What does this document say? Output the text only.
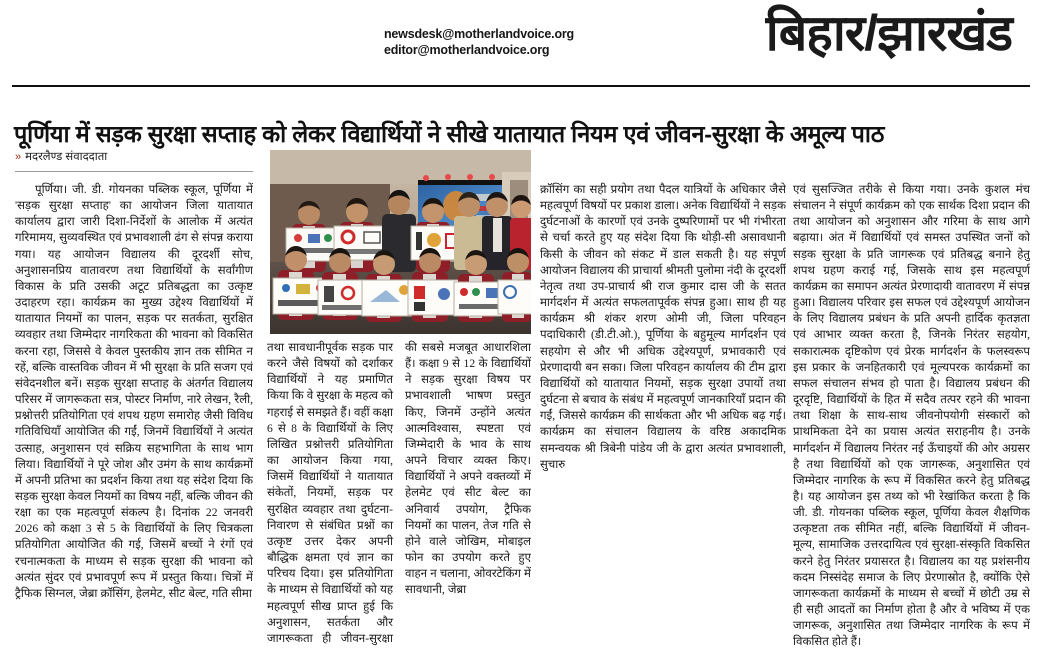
newsdesk@motherlandvoice.org
editor@motherlandvoice.org	बिहार/झारखंड
पूर्णिया में सड़क सुरक्षा सप्ताह को लेकर विद्यार्थियों ने सीखे यातायात नियम एवं जीवन-सुरक्षा के अमूल्य पाठ
» मदरलैण्ड संवाददाता

पूर्णिया। जी. डी. गोयनका पब्लिक स्कूल, पूर्णिया में 'सड़क सुरक्षा सप्ताह' का आयोजन जिला यातायात कार्यालय द्वारा जारी दिशा-निर्देशों के आलोक में अत्यंत गरिमामय, सुव्यवस्थित एवं प्रभावशाली ढंग से संपन्न कराया गया। यह आयोजन विद्यालय की दूरदर्शी सोच, अनुशासनप्रिय वातावरण तथा विद्यार्थियों के सर्वांगीण विकास के प्रति उसकी अटूट प्रतिबद्धता का उत्कृष्ट उदाहरण रहा। कार्यक्रम का मुख्य उद्देश्य विद्यार्थियों में यातायात नियमों का पालन, सड़क पर सतर्कता, सुरक्षित व्यवहार तथा जिम्मेदार नागरिकता की भावना को विकसित करना रहा, जिससे वे केवल पुस्तकीय ज्ञान तक सीमित न रहें, बल्कि वास्तविक जीवन में भी सुरक्षा के प्रति सजग एवं संवेदनशील बनें। सड़क सुरक्षा सप्ताह के अंतर्गत विद्यालय परिसर में जागरूकता सत्र, पोस्टर निर्माण, नारे लेखन, रैली, प्रश्नोत्तरी प्रतियोगिता एवं शपथ ग्रहण समारोह जैसी विविध गतिविधियाँ आयोजित की गईं, जिनमें विद्यार्थियों ने अत्यंत उत्साह, अनुशासन एवं सक्रिय सहभागिता के साथ भाग लिया। विद्यार्थियों ने पूरे जोश और उमंग के साथ कार्यक्रमों में अपनी प्रतिभा का प्रदर्शन किया तथा यह संदेश दिया कि सड़क सुरक्षा केवल नियमों का विषय नहीं, बल्कि जीवन की रक्षा का एक महत्वपूर्ण संकल्प है। दिनांक 22 जनवरी 2026 को कक्षा 3 से 5 के विद्यार्थियों के लिए चित्रकला प्रतियोगिता आयोजित की गई, जिसमें बच्चों ने रंगों एवं रचनात्मकता के माध्यम से सड़क सुरक्षा की भावना को अत्यंत सुंदर एवं प्रभावपूर्ण रूप में प्रस्तुत किया। चित्रों में ट्रैफिक सिग्नल, जेब्रा क्रॉसिंग, हेलमेट, सीट बेल्ट, गति सीमा

तथा सावधानीपूर्वक सड़क पार करने जैसे विषयों को दर्शाकर विद्यार्थियों ने यह प्रमाणित किया कि वे सुरक्षा के महत्व को गहराई से समझते हैं। वहीं कक्षा 6 से 8 के विद्यार्थियों के लिए लिखित प्रश्नोत्तरी प्रतियोगिता का आयोजन किया गया, जिसमें विद्यार्थियों ने यातायात संकेतों, नियमों, सड़क पर सुरक्षित व्यवहार तथा दुर्घटना-निवारण से संबंधित प्रश्नों का उत्कृष्ट उत्तर देकर अपनी बौद्धिक क्षमता एवं ज्ञान का परिचय दिया। इस प्रतियोगिता के माध्यम से विद्यार्थियों को यह महत्वपूर्ण सीख प्राप्त हुई कि अनुशासन, सतर्कता और जागरूकता ही जीवन-सुरक्षा की सबसे मजबूत आधारशिला हैं। कक्षा 9 से 12 के विद्यार्थियों ने सड़क सुरक्षा विषय पर प्रभावशाली भाषण प्रस्तुत किए, जिनमें उन्होंने अत्यंत आत्मविश्वास, स्पष्टता एवं जिम्मेदारी के भाव के साथ अपने विचार व्यक्त किए। विद्यार्थियों ने अपने वक्तव्यों में हेलमेट एवं सीट बेल्ट का अनिवार्य उपयोग, ट्रैफिक नियमों का पालन, तेज गति से होने वाले जोखिम, मोबाइल फोन का उपयोग करते हुए वाहन न चलाना, ओवरटेकिंग में सावधानी, जेब्रा

क्रॉसिंग का सही प्रयोग तथा पैदल यात्रियों के अधिकार जैसे महत्वपूर्ण विषयों पर प्रकाश डाला। अनेक विद्यार्थियों ने सड़क दुर्घटनाओं के कारणों एवं उनके दुष्परिणामों पर भी गंभीरता से चर्चा करते हुए यह संदेश दिया कि थोड़ी-सी असावधानी किसी के जीवन को संकट में डाल सकती है। यह संपूर्ण आयोजन विद्यालय की प्राचार्या श्रीमती पुलोमा नंदी के दूरदर्शी नेतृत्व तथा उप-प्राचार्य श्री राज कुमार दास जी के सतत मार्गदर्शन में अत्यंत सफलतापूर्वक संपन्न हुआ। साथ ही यह कार्यक्रम श्री शंकर शरण ओमी जी, जिला परिवहन पदाधिकारी (डी.टी.ओ.), पूर्णिया के बहुमूल्य मार्गदर्शन एवं सहयोग से और भी अधिक उद्देश्यपूर्ण, प्रभावकारी एवं प्रेरणादायी बन सका। जिला परिवहन कार्यालय की टीम द्वारा विद्यार्थियों को यातायात नियमों, सड़क सुरक्षा उपायों तथा दुर्घटना से बचाव के संबंध में महत्वपूर्ण जानकारियाँ प्रदान की गईं, जिससे कार्यक्रम की सार्थकता और भी अधिक बढ़ गई। कार्यक्रम का संचालन विद्यालय के वरिष्ठ अकादमिक समन्वयक श्री त्रिबेनी पांडेय जी के द्वारा अत्यंत प्रभावशाली, सुचारु

एवं सुसज्जित तरीके से किया गया। उनके कुशल मंच संचालन ने संपूर्ण कार्यक्रम को एक सार्थक दिशा प्रदान की तथा आयोजन को अनुशासन और गरिमा के साथ आगे बढ़ाया। अंत में विद्यार्थियों एवं समस्त उपस्थित जनों को सड़क सुरक्षा के प्रति जागरूक एवं प्रतिबद्ध बनाने हेतु शपथ ग्रहण कराई गई, जिसके साथ इस महत्वपूर्ण कार्यक्रम का समापन अत्यंत प्रेरणादायी वातावरण में संपन्न हुआ। विद्यालय परिवार इस सफल एवं उद्देश्यपूर्ण आयोजन के लिए विद्यालय प्रबंधन के प्रति अपनी हार्दिक कृतज्ञता एवं आभार व्यक्त करता है, जिनके निरंतर सहयोग, सकारात्मक दृष्टिकोण एवं प्रेरक मार्गदर्शन के फलस्वरूप इस प्रकार के जनहितकारी एवं मूल्यपरक कार्यक्रमों का सफल संचालन संभव हो पाता है। विद्यालय प्रबंधन की दूरदृष्टि, विद्यार्थियों के हित में सदैव तत्पर रहने की भावना तथा शिक्षा के साथ-साथ जीवनोपयोगी संस्कारों को प्राथमिकता देने का प्रयास अत्यंत सराहनीय है। उनके मार्गदर्शन में विद्यालय निरंतर नई ऊँचाइयों की ओर अग्रसर है तथा विद्यार्थियों को एक जागरूक, अनुशासित एवं जिम्मेदार नागरिक के रूप में विकसित करने हेतु प्रतिबद्ध है। यह आयोजन इस तथ्य को भी रेखांकित करता है कि जी. डी. गोयनका पब्लिक स्कूल, पूर्णिया केवल शैक्षणिक उत्कृष्टता तक सीमित नहीं, बल्कि विद्यार्थियों में जीवन-मूल्य, सामाजिक उत्तरदायित्व एवं सुरक्षा-संस्कृति विकसित करने हेतु निरंतर प्रयासरत है। विद्यालय का यह प्रशंसनीय कदम निस्संदेह समाज के लिए प्रेरणास्रोत है, क्योंकि ऐसे जागरूकता कार्यक्रमों के माध्यम से बच्चों में छोटी उम्र से ही सही आदतों का निर्माण होता है और वे भविष्य में एक जागरूक, अनुशासित तथा जिम्मेदार नागरिक के रूप में विकसित होते हैं।
